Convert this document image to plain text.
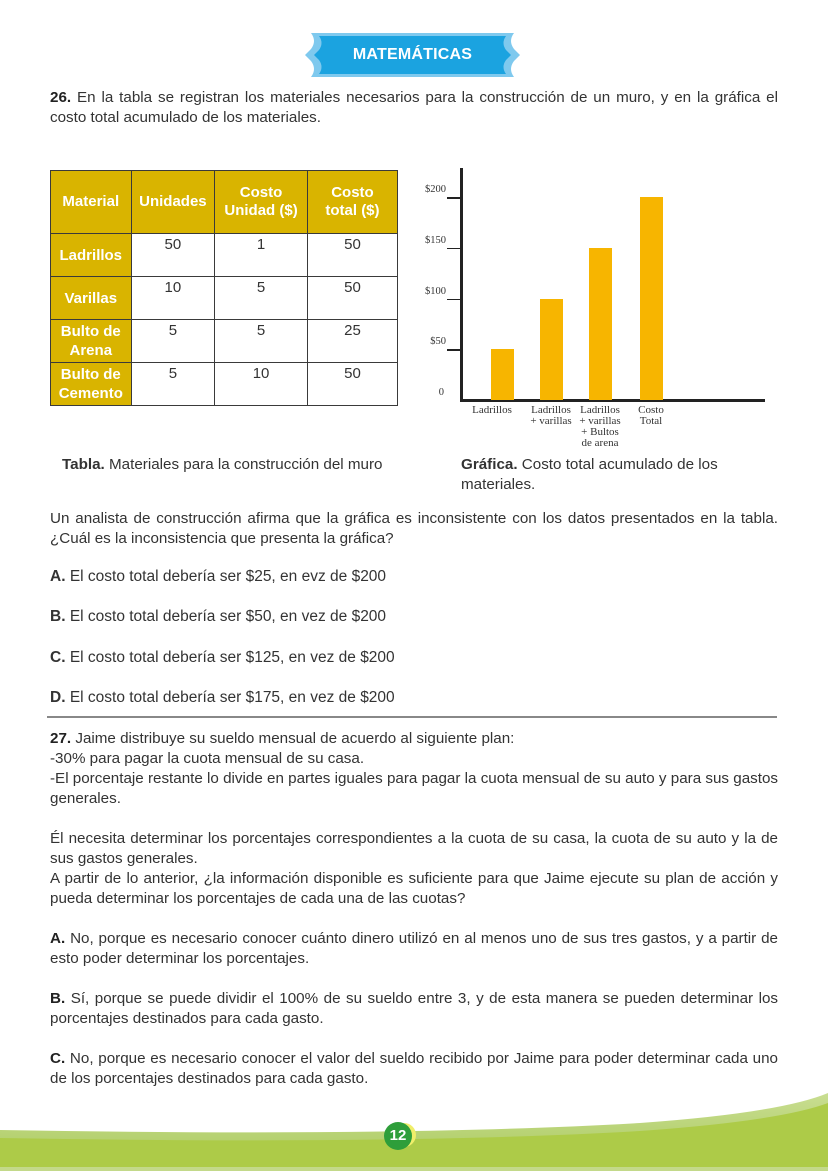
MATEMÁTICAS
26. En la tabla se registran los materiales necesarios para la construcción de un muro, y en la gráfica el costo total acumulado de los materiales.
Material	Unidades	Costo Unidad ($)	Costo total ($)
Ladrillos	50	1	50
Varillas	10	5	50
Bulto de Arena	5	5	25
Bulto de Cemento	5	10	50
0
$50
$100
$150
$200
Ladrillos	Ladrillos
+ varillas
Ladrillos
+ varillas
+ Bultos
de arena
Costo
Total
Tabla. Materiales para la construcción del muro	Gráfica. Costo total acumulado de los materiales.
Un analista de construcción afirma que la gráfica es inconsistente con los datos presentados en la tabla. ¿Cuál es la inconsistencia que presenta la gráfica?
A. El costo total debería ser $25, en evz de $200
B. El costo total debería ser $50, en vez de $200
C. El costo total debería ser $125, en vez de $200
D. El costo total debería ser $175, en vez de $200
27. Jaime distribuye su sueldo mensual de acuerdo al siguiente plan:
-30% para pagar la cuota mensual de su casa.
-El porcentaje restante lo divide en partes iguales para pagar la cuota mensual de su auto y para sus gastos generales.
Él necesita determinar los porcentajes correspondientes a la cuota de su casa, la cuota de su auto y la de sus gastos generales.
A partir de lo anterior, ¿la información disponible es suficiente para que Jaime ejecute su plan de acción y pueda determinar los porcentajes de cada una de las cuotas?
A. No, porque es necesario conocer cuánto dinero utilizó en al menos uno de sus tres gastos, y a partir de esto poder determinar los porcentajes.
B. Sí, porque se puede dividir el 100% de su sueldo entre 3, y de esta manera se pueden determinar los porcentajes destinados para cada gasto.
C. No, porque es necesario conocer el valor del sueldo recibido por Jaime para poder determinar cada uno de los porcentajes destinados para cada gasto.
12
